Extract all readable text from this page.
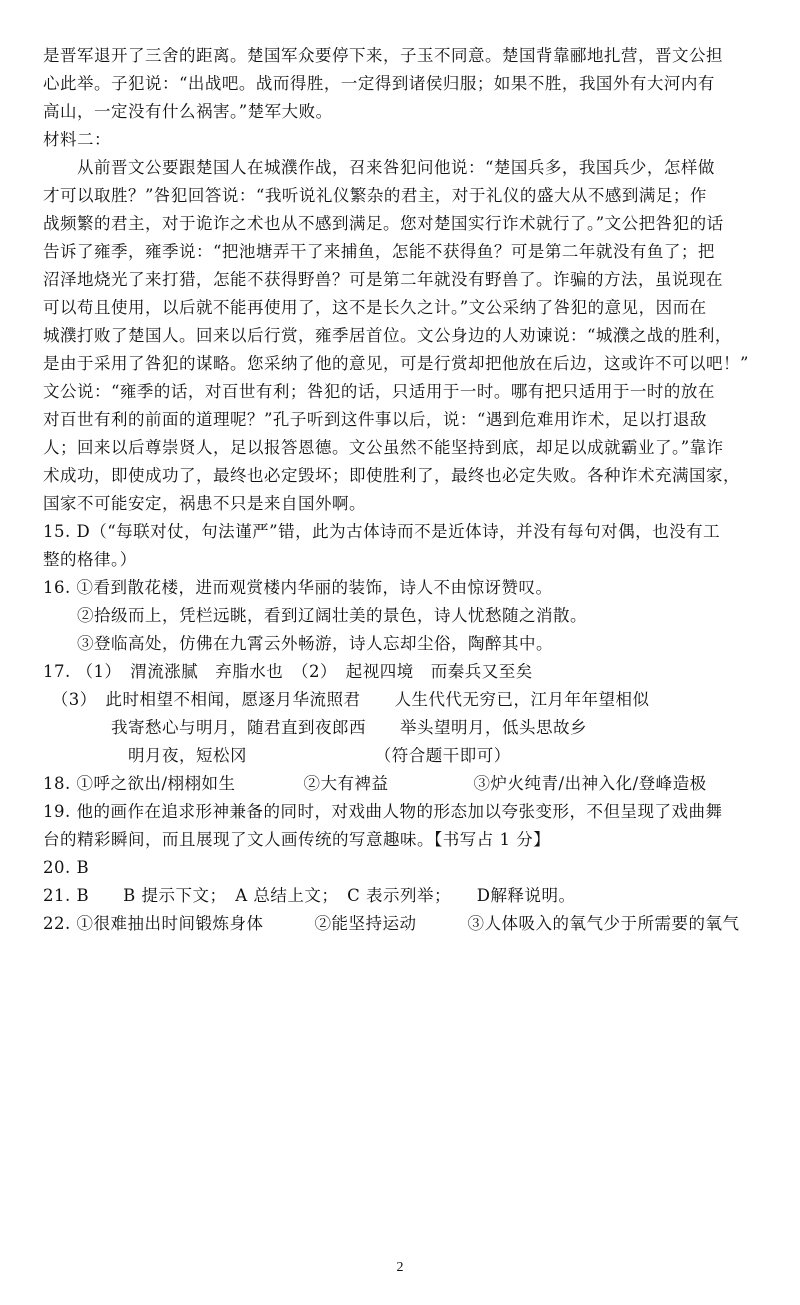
是晋军退开了三舍的距离。楚国军众要停下来，子玉不同意。楚国背靠郦地扎营，晋文公担
心此举。子犯说：“出战吧。战而得胜，一定得到诸侯归服；如果不胜，我国外有大河内有
高山，一定没有什么祸害。”楚军大败。
材料二：
　　从前晋文公要跟楚国人在城濮作战，召来咎犯问他说：“楚国兵多，我国兵少，怎样做
才可以取胜？”咎犯回答说：“我听说礼仪繁杂的君主，对于礼仪的盛大从不感到满足；作
战频繁的君主，对于诡诈之术也从不感到满足。您对楚国实行诈术就行了。”文公把咎犯的话
告诉了雍季，雍季说：“把池塘弄干了来捕鱼，怎能不获得鱼？可是第二年就没有鱼了；把
沼泽地烧光了来打猎，怎能不获得野兽？可是第二年就没有野兽了。诈骗的方法，虽说现在
可以苟且使用，以后就不能再使用了，这不是长久之计。”文公采纳了咎犯的意见，因而在
城濮打败了楚国人。回来以后行赏，雍季居首位。文公身边的人劝谏说：“城濮之战的胜利，
是由于采用了咎犯的谋略。您采纳了他的意见，可是行赏却把他放在后边，这或许不可以吧！”
文公说：“雍季的话，对百世有利；咎犯的话，只适用于一时。哪有把只适用于一时的放在
对百世有利的前面的道理呢？”孔子听到这件事以后，说：“遇到危难用诈术，足以打退敌
人；回来以后尊崇贤人，足以报答恩德。文公虽然不能坚持到底，却足以成就霸业了。”靠诈
术成功，即使成功了，最终也必定毁坏；即使胜利了，最终也必定失败。各种诈术充满国家，
国家不可能安定，祸患不只是来自国外啊。
15. D（“每联对仗，句法谨严”错，此为古体诗而不是近体诗，并没有每句对偶，也没有工
整的格律。）
16. ①看到散花楼，进而观赏楼内华丽的装饰，诗人不由惊讶赞叹。
　　②拾级而上，凭栏远眺，看到辽阔壮美的景色，诗人忧愁随之消散。
　　③登临高处，仿佛在九霄云外畅游，诗人忘却尘俗，陶醉其中。
17. （1）　渭流涨腻　弃脂水也　（2）　起视四境　而秦兵又至矣
　（3）　此时相望不相闻，愿逐月华流照君　　人生代代无穷已，江月年年望相似
　　　　我寄愁心与明月，随君直到夜郎西　　举头望明月，低头思故乡
　　　　　明月夜，短松冈　　　　　　　　（符合题干即可）
18. ①呼之欲出/栩栩如生　　　　②大有裨益　　　　　③炉火纯青/出神入化/登峰造极
19. 他的画作在追求形神兼备的同时，对戏曲人物的形态加以夸张变形，不但呈现了戏曲舞
台的精彩瞬间，而且展现了文人画传统的写意趣味。【书写占 1 分】
20. B
21. B　　B 提示下文；　A 总结上文；　C 表示列举；　　D解释说明。
22. ①很难抽出时间锻炼身体　　　②能坚持运动　　　③人体吸入的氧气少于所需要的氧气
2
